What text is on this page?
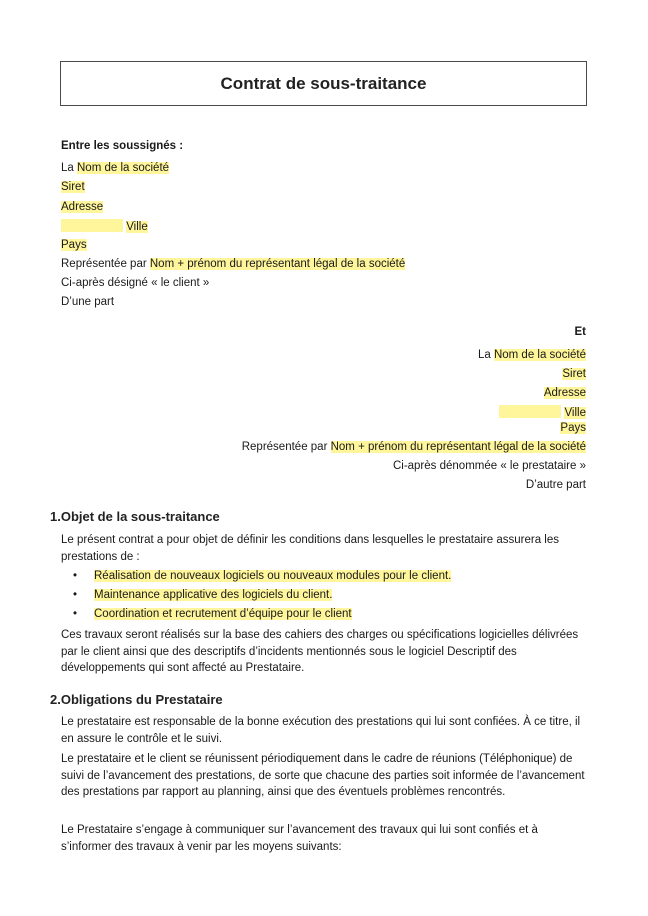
Contrat de sous-traitance
Entre les soussignés :
La Nom de la société
Siret
Adresse
Ville
Pays
Représentée par Nom + prénom du représentant légal de la société
Ci-après désigné « le client »
D’une part
Et
La Nom de la société
Siret
Adresse
Ville
Pays
Représentée par Nom + prénom du représentant légal de la société
Ci-après dénommée « le prestataire »
D’autre part
1.Objet de la sous-traitance
Le présent contrat a pour objet de définir les conditions dans lesquelles le prestataire assurera les prestations de :
• Réalisation de nouveaux logiciels ou nouveaux modules pour le client.
• Maintenance applicative des logiciels du client.
• Coordination et recrutement d’équipe pour le client
Ces travaux seront réalisés sur la base des cahiers des charges ou spécifications logicielles délivrées par le client ainsi que des descriptifs d’incidents mentionnés sous le logiciel Descriptif des développements qui sont affecté au Prestataire.
2.Obligations du Prestataire
Le prestataire est responsable de la bonne exécution des prestations qui lui sont confiées. À ce titre, il en assure le contrôle et le suivi.
Le prestataire et le client se réunissent périodiquement dans le cadre de réunions (Téléphonique) de suivi de l’avancement des prestations, de sorte que chacune des parties soit informée de l’avancement des prestations par rapport au planning, ainsi que des éventuels problèmes rencontrés.
Le Prestataire s’engage à communiquer sur l’avancement des travaux qui lui sont confiés et à s’informer des travaux à venir par les moyens suivants:
